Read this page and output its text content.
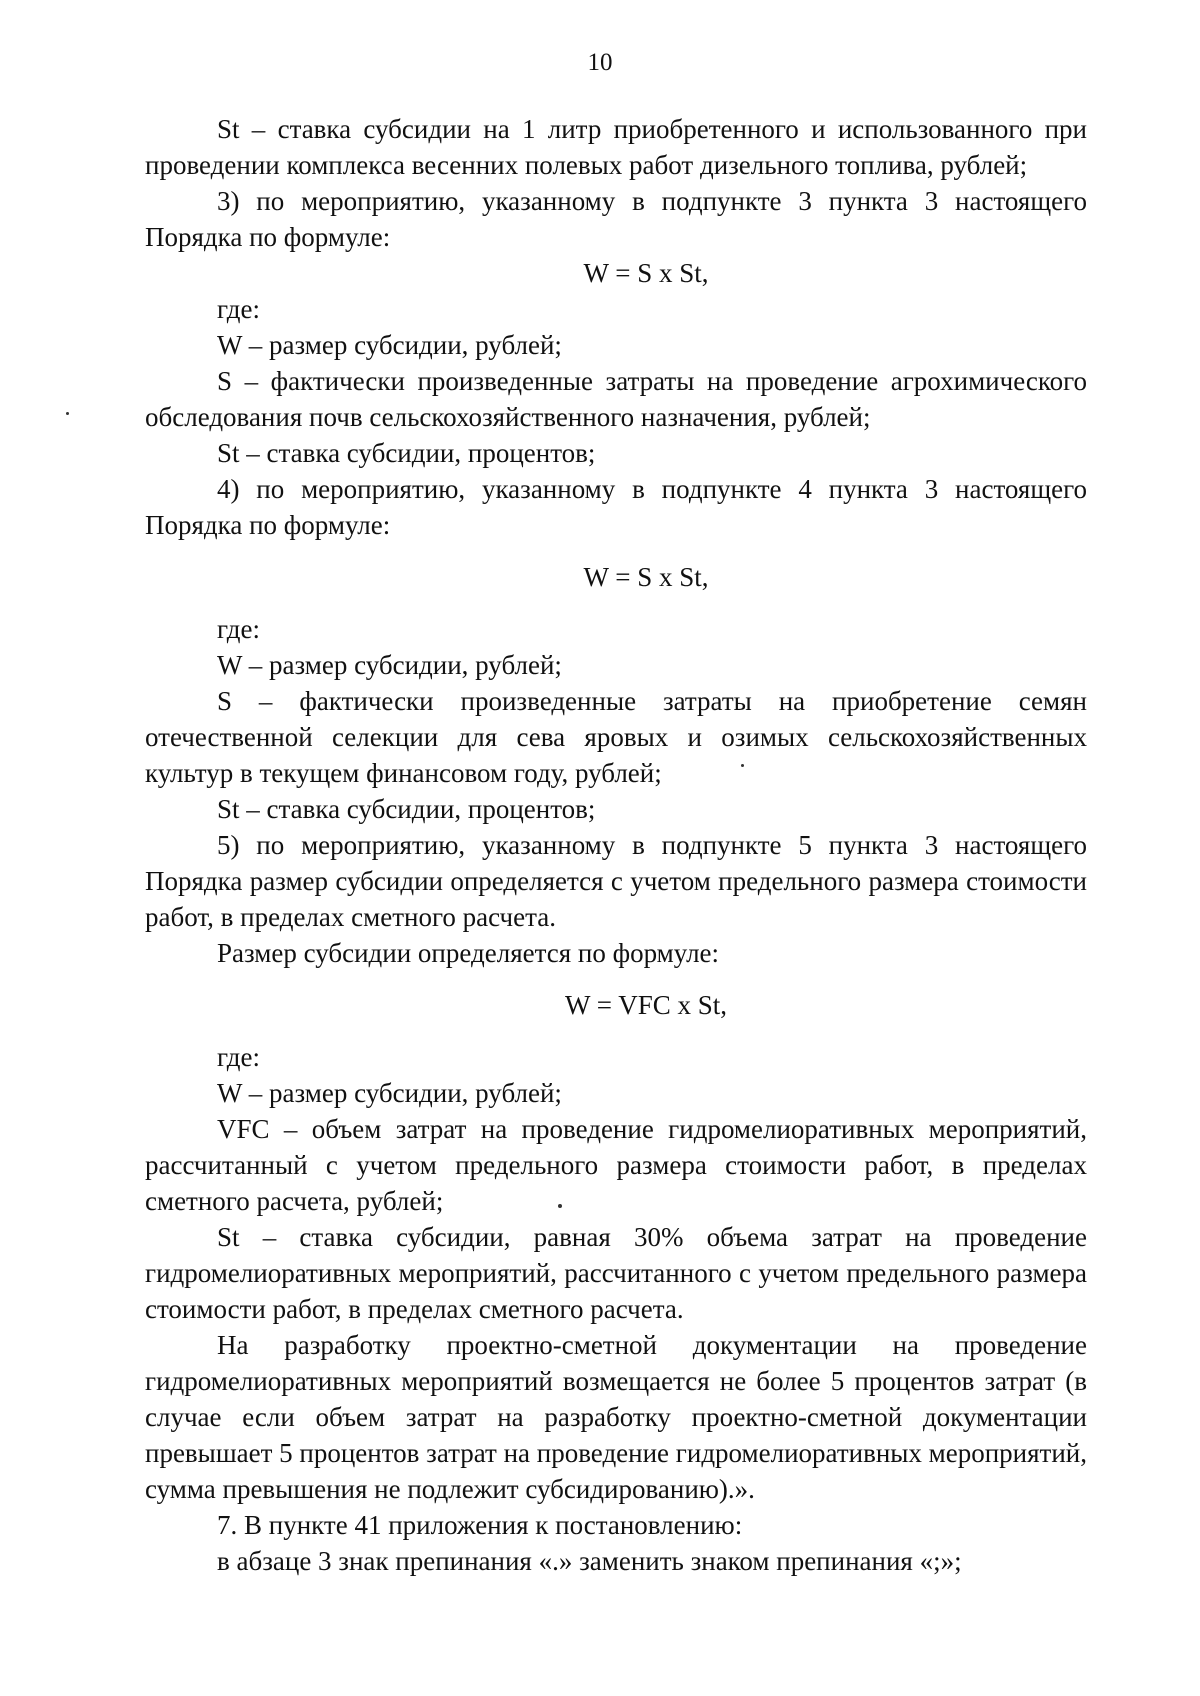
10

St – ставка субсидии на 1 литр приобретенного и использованного при проведении комплекса весенних полевых работ дизельного топлива, рублей;

3) по мероприятию, указанному в подпункте 3 пункта 3 настоящего Порядка по формуле:

W = S x St,

где:

W – размер субсидии, рублей;

S – фактически произведенные затраты на проведение агрохимического обследования почв сельскохозяйственного назначения, рублей;

St – ставка субсидии, процентов;

4) по мероприятию, указанному в подпункте 4 пункта 3 настоящего Порядка по формуле:

W = S x St,

где:

W – размер субсидии, рублей;

S – фактически произведенные затраты на приобретение семян отечественной селекции для сева яровых и озимых сельскохозяйственных культур в текущем финансовом году, рублей;

St – ставка субсидии, процентов;

5) по мероприятию, указанному в подпункте 5 пункта 3 настоящего Порядка размер субсидии определяется с учетом предельного размера стоимости работ, в пределах сметного расчета.

Размер субсидии определяется по формуле:

W = VFC x St,

где:

W – размер субсидии, рублей;

VFC – объем затрат на проведение гидромелиоративных мероприятий, рассчитанный с учетом предельного размера стоимости работ, в пределах сметного расчета, рублей;

St – ставка субсидии, равная 30% объема затрат на проведение гидромелиоративных мероприятий, рассчитанного с учетом предельного размера стоимости работ, в пределах сметного расчета.

На разработку проектно-сметной документации на проведение гидромелиоративных мероприятий возмещается не более 5 процентов затрат (в случае если объем затрат на разработку проектно-сметной документации превышает 5 процентов затрат на проведение гидромелиоративных мероприятий, сумма превышения не подлежит субсидированию).».

7. В пункте 41 приложения к постановлению:

в абзаце 3 знак препинания «.» заменить знаком препинания «;»;
